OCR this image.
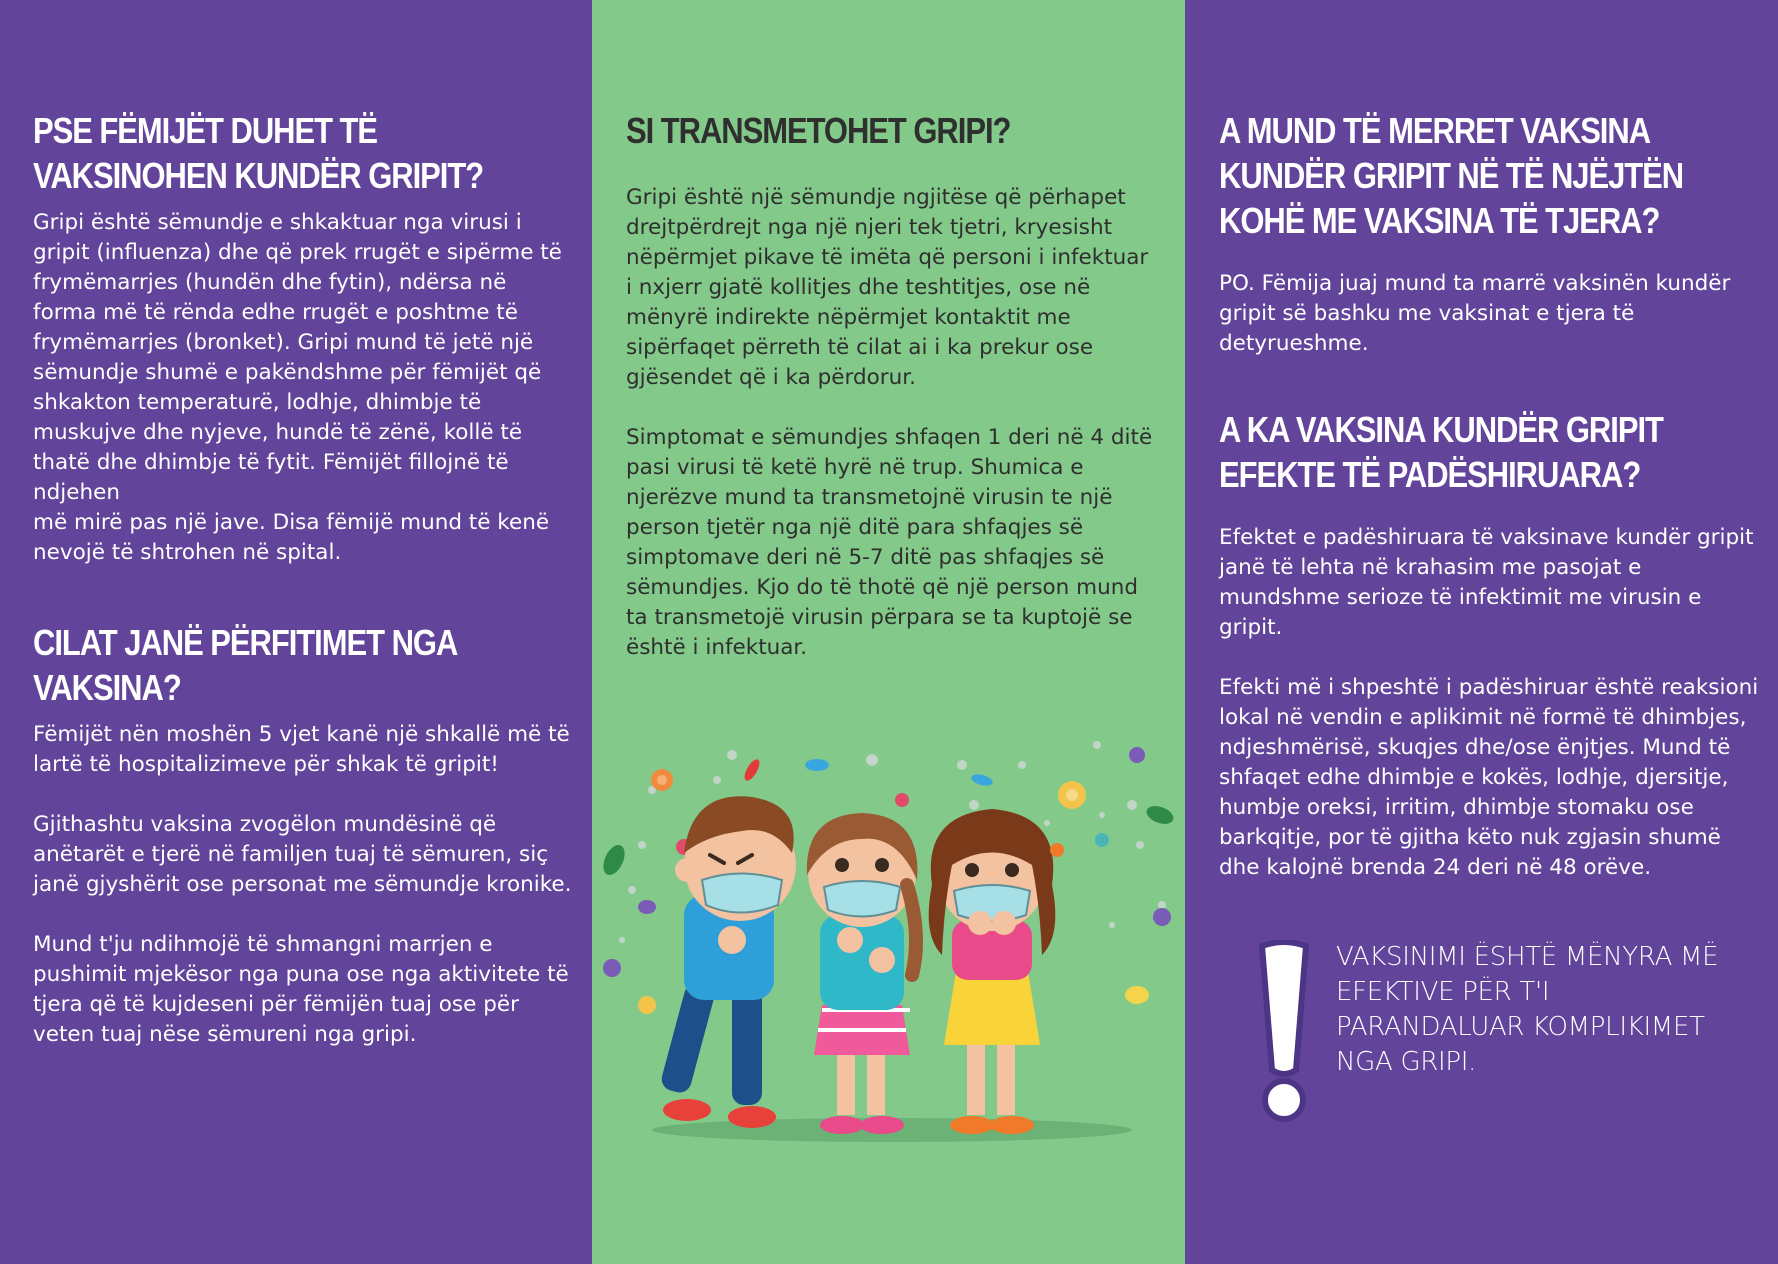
PSE FËMIJËT DUHET TË VAKSINOHEN KUNDËR GRIPIT?

Gripi është sëmundje e shkaktuar nga virusi i gripit (influenza) dhe që prek rrugët e sipërme të frymëmarrjes (hundën dhe fytin), ndërsa në forma më të rënda edhe rrugët e poshtme të frymëmarrjes (bronket). Gripi mund të jetë një

sëmundje shumë e pakëndshme për fëmijët që shkakton temperaturë, lodhje, dhimbje të muskujve dhe nyjeve, hundë të zënë, kollë të thatë dhe dhimbje të fytit. Fëmijët fillojnë të ndjehen

më mirë pas një jave. Disa fëmijë mund të kenë nevojë të shtrohen në spital.

CILAT JANË PËRFITIMET NGA VAKSINA?

Fëmijët nën moshën 5 vjet kanë një shkallë më të lartë të hospitalizimeve për shkak të gripit!

Gjithashtu vaksina zvogëlon mundësinë që anëtarët e tjerë në familjen tuaj të sëmuren, siç janë gjyshërit ose personat me sëmundje kronike.

Mund t'ju ndihmojë të shmangni marrjen e pushimit mjekësor nga puna ose nga aktivitete të tjera që të kujdeseni për fëmijën tuaj ose për veten tuaj nëse sëmureni nga gripi.

SI TRANSMETOHET GRIPI?

Gripi është një sëmundje ngjitëse që përhapet drejtpërdrejt nga një njeri tek tjetri, kryesisht nëpërmjet pikave të imëta që personi i infektuar i nxjerr gjatë kollitjes dhe teshtitjes, ose në mënyrë indirekte nëpërmjet kontaktit me sipërfaqet përreth të cilat ai i ka prekur ose gjësendet që i ka përdorur.

Simptomat e sëmundjes shfaqen 1 deri në 4 ditë pasi virusi të ketë hyrë në trup. Shumica e njerëzve mund ta transmetojnë virusin te një person tjetër nga një ditë para shfaqjes së simptomave deri në 5-7 ditë pas shfaqjes së sëmundjes. Kjo do të thotë që një person mund ta transmetojë virusin përpara se ta kuptojë se është i infektuar.

A MUND TË MERRET VAKSINA KUNDËR GRIPIT NË TË NJËJTËN KOHË ME VAKSINA TË TJERA?

PO. Fëmija juaj mund ta marrë vaksinën kundër gripit së bashku me vaksinat e tjera të detyrueshme.

A KA VAKSINA KUNDËR GRIPIT EFEKTE TË PADËSHIRUARA?

Efektet e padëshiruara të vaksinave kundër gripit janë të lehta në krahasim me pasojat e mundshme serioze të infektimit me virusin e gripit.

Efekti më i shpeshtë i padëshiruar është reaksioni lokal në vendin e aplikimit në formë të dhimbjes, ndjeshmërisë, skuqjes dhe/ose ënjtjes. Mund të shfaqet edhe dhimbje e kokës, lodhje, djersitje, humbje oreksi, irritim, dhimbje stomaku ose barkqitje, por të gjitha këto nuk zgjasin shumë dhe kalojnë brenda 24 deri në 48 orëve.

VAKSINIMI ËSHTË MËNYRA MË EFEKTIVE PËR T'I PARANDALUAR KOMPLIKIMET NGA GRIPI.
